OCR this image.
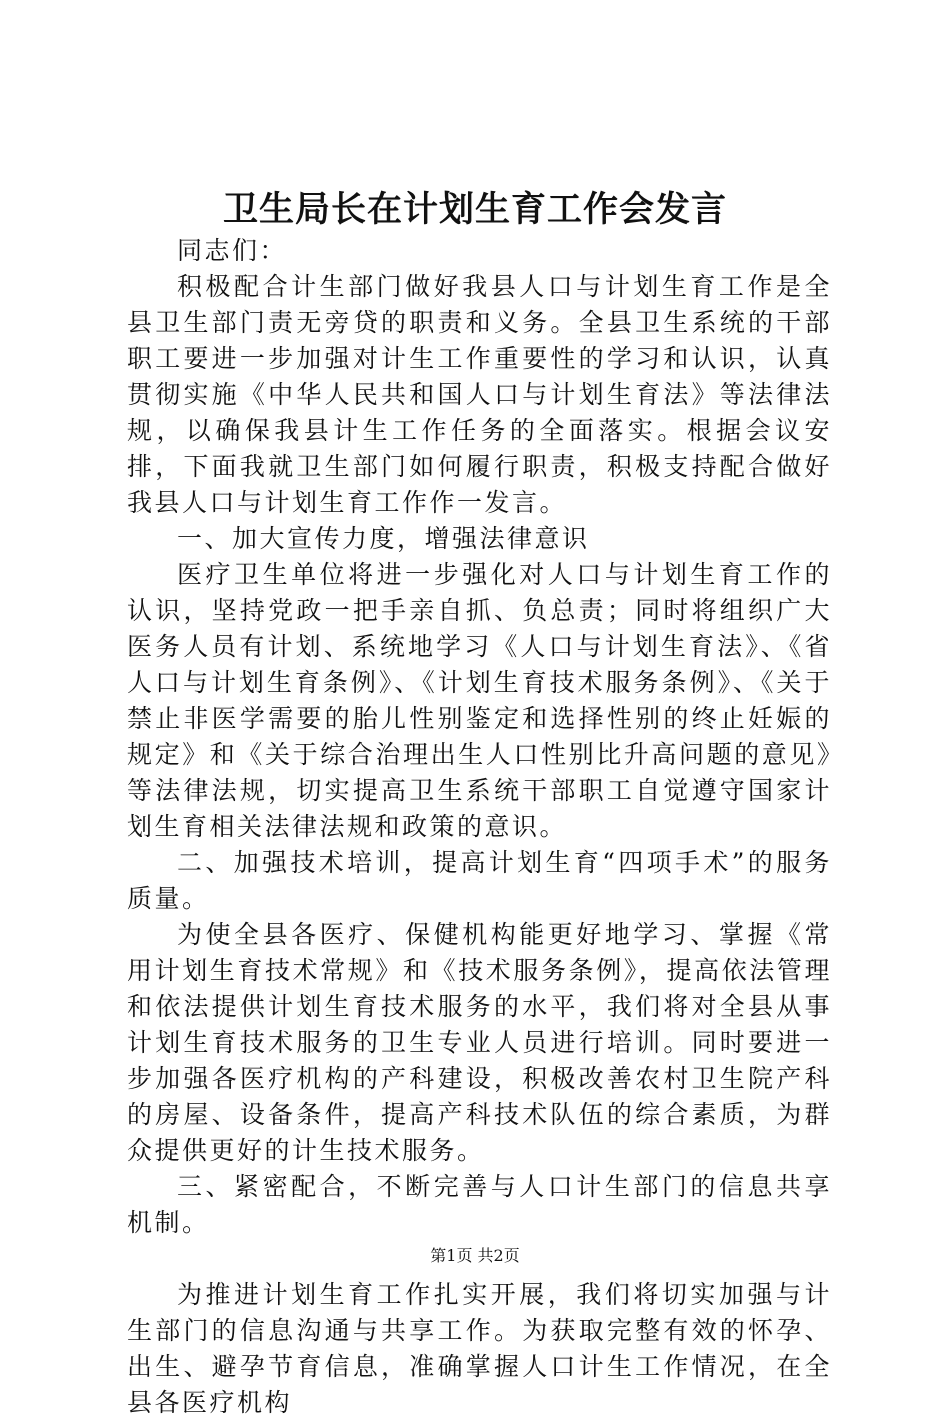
卫生局长在计划生育工作会发言

同志们：

积极配合计生部门做好我县人口与计划生育工作是全县卫生部门责无旁贷的职责和义务。全县卫生系统的干部职工要进一步加强对计生工作重要性的学习和认识，认真贯彻实施《中华人民共和国人口与计划生育法》等法律法规，以确保我县计生工作任务的全面落实。根据会议安排，下面我就卫生部门如何履行职责，积极支持配合做好我县人口与计划生育工作作一发言。

一、加大宣传力度，增强法律意识

医疗卫生单位将进一步强化对人口与计划生育工作的认识，坚持党政一把手亲自抓、负总责；同时将组织广大医务人员有计划、系统地学习《人口与计划生育法》、《省人口与计划生育条例》、《计划生育技术服务条例》、《关于禁止非医学需要的胎儿性别鉴定和选择性别的终止妊娠的规定》和《关于综合治理出生人口性别比升高问题的意见》等法律法规，切实提高卫生系统干部职工自觉遵守国家计划生育相关法律法规和政策的意识。

二、加强技术培训，提高计划生育“四项手术”的服务质量。

为使全县各医疗、保健机构能更好地学习、掌握《常用计划生育技术常规》和《技术服务条例》，提高依法管理和依法提供计划生育技术服务的水平，我们将对全县从事计划生育技术服务的卫生专业人员进行培训。同时要进一步加强各医疗机构的产科建设，积极改善农村卫生院产科的房屋、设备条件，提高产科技术队伍的综合素质，为群众提供更好的计生技术服务。

三、紧密配合，不断完善与人口计生部门的信息共享机制。

为推进计划生育工作扎实开展，我们将切实加强与计生部门的信息沟通与共享工作。为获取完整有效的怀孕、出生、避孕节育信息，准确掌握人口计生工作情况，在全县各医疗机构

第1页 共2页
